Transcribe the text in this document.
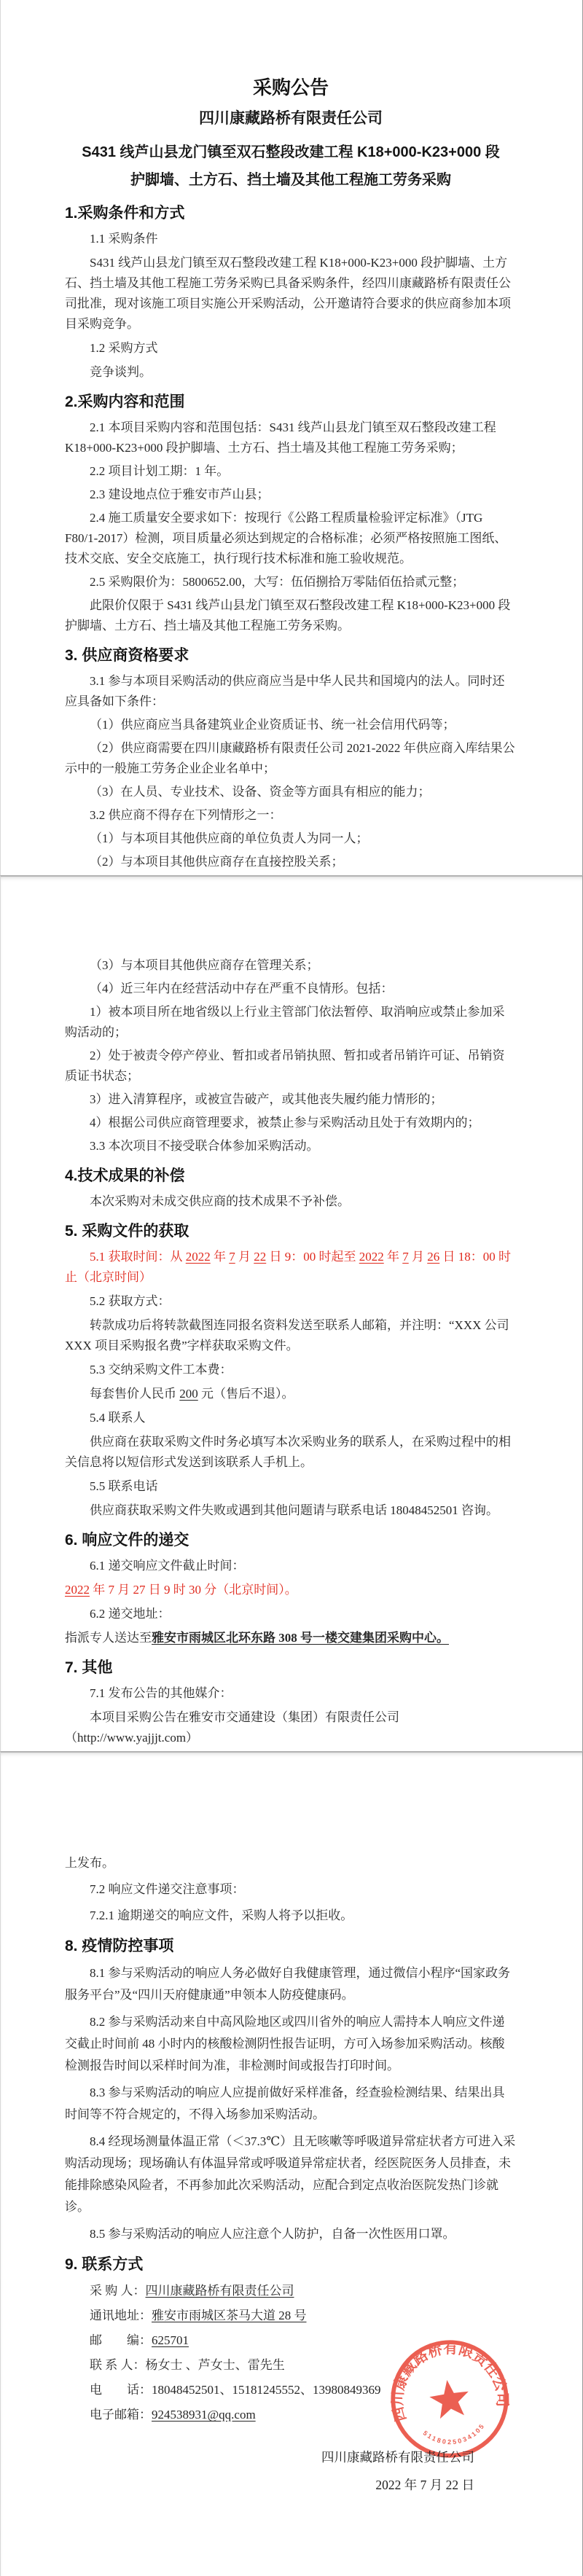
采购公告
四川康藏路桥有限责任公司
S431 线芦山县龙门镇至双石整段改建工程 K18+000-K23+000 段
护脚墙、土方石、挡土墙及其他工程施工劳务采购
1.采购条件和方式
1.1 采购条件
S431 线芦山县龙门镇至双石整段改建工程 K18+000-K23+000 段护脚墙、土方石、挡土墙及其他工程施工劳务采购已具备采购条件，经四川康藏路桥有限责任公司批准，现对该施工项目实施公开采购活动，公开邀请符合要求的供应商参加本项目采购竞争。
1.2 采购方式
竞争谈判。
2.采购内容和范围
2.1 本项目采购内容和范围包括：S431 线芦山县龙门镇至双石整段改建工程 K18+000-K23+000 段护脚墙、土方石、挡土墙及其他工程施工劳务采购；
2.2 项目计划工期：1 年。
2.3 建设地点位于雅安市芦山县；
2.4 施工质量安全要求如下：按现行《公路工程质量检验评定标准》（JTG F80/1-2017）检测，项目质量必须达到规定的合格标准；必须严格按照施工图纸、技术交底、安全交底施工，执行现行技术标准和施工验收规范。
2.5 采购限价为：5800652.00，大写：伍佰捌拾万零陆佰伍拾贰元整；
此限价仅限于 S431 线芦山县龙门镇至双石整段改建工程 K18+000-K23+000 段护脚墙、土方石、挡土墙及其他工程施工劳务采购。
3. 供应商资格要求
3.1 参与本项目采购活动的供应商应当是中华人民共和国境内的法人。同时还应具备如下条件：
（1）供应商应当具备建筑业企业资质证书、统一社会信用代码等；
（2）供应商需要在四川康藏路桥有限责任公司 2021-2022 年供应商入库结果公示中的一般施工劳务企业企业名单中；
（3）在人员、专业技术、设备、资金等方面具有相应的能力；
3.2 供应商不得存在下列情形之一：
（1）与本项目其他供应商的单位负责人为同一人；
（2）与本项目其他供应商存在直接控股关系；
（3）与本项目其他供应商存在管理关系；
（4）近三年内在经营活动中存在严重不良情形。包括：
1）被本项目所在地省级以上行业主管部门依法暂停、取消响应或禁止参加采购活动的；
2）处于被责令停产停业、暂扣或者吊销执照、暂扣或者吊销许可证、吊销资质证书状态；
3）进入清算程序，或被宣告破产，或其他丧失履约能力情形的；
4）根据公司供应商管理要求，被禁止参与采购活动且处于有效期内的；
3.3 本次项目不接受联合体参加采购活动。
4.技术成果的补偿
本次采购对未成交供应商的技术成果不予补偿。
5. 采购文件的获取
5.1 获取时间：从 2022 年 7 月 22 日 9：00 时起至 2022 年 7 月 26 日 18：00 时止（北京时间）
5.2 获取方式：
转款成功后将转款截图连同报名资料发送至联系人邮箱，并注明：“XXX 公司 XXX 项目采购报名费”字样获取采购文件。
5.3 交纳采购文件工本费：
每套售价人民币 200 元（售后不退）。
5.4 联系人
供应商在获取采购文件时务必填写本次采购业务的联系人，在采购过程中的相关信息将以短信形式发送到该联系人手机上。
5.5 联系电话
供应商获取采购文件失败或遇到其他问题请与联系电话 18048452501 咨询。
6. 响应文件的递交
6.1 递交响应文件截止时间：
2022 年 7 月 27 日 9 时 30 分（北京时间）。
6.2 递交地址：
指派专人送达至雅安市雨城区北环东路 308 号一楼交建集团采购中心。
7. 其他
7.1 发布公告的其他媒介：
本项目采购公告在雅安市交通建设（集团）有限责任公司（http://www.yajjjt.com）
上发布。
7.2 响应文件递交注意事项：
7.2.1 逾期递交的响应文件，采购人将予以拒收。
8. 疫情防控事项
8.1 参与采购活动的响应人务必做好自我健康管理，通过微信小程序“国家政务服务平台”及“四川天府健康通”申领本人防疫健康码。
8.2 参与采购活动来自中高风险地区或四川省外的响应人需持本人响应文件递交截止时间前 48 小时内的核酸检测阴性报告证明，方可入场参加采购活动。核酸检测报告时间以采样时间为准，非检测时间或报告打印时间。
8.3 参与采购活动的响应人应提前做好采样准备，经查验检测结果、结果出具时间等不符合规定的，不得入场参加采购活动。
8.4 经现场测量体温正常（＜37.3℃）且无咳嗽等呼吸道异常症状者方可进入采购活动现场；现场确认有体温异常或呼吸道异常症状者，经医院医务人员排查，未能排除感染风险者，不再参加此次采购活动，应配合到定点收治医院发热门诊就诊。
8.5 参与采购活动的响应人应注意个人防护，自备一次性医用口罩。
9. 联系方式
采 购 人：四川康藏路桥有限责任公司
通讯地址：雅安市雨城区茶马大道 28 号
邮　　编：625701
联 系 人：杨女士 、芦女士、雷先生
电　　话：18048452501、15181245552、13980849369
电子邮箱：924538931@qq.com
四川康藏路桥有限责任公司
2022 年 7 月 22 日
四川康藏路桥有限责任公司
5118025034105
